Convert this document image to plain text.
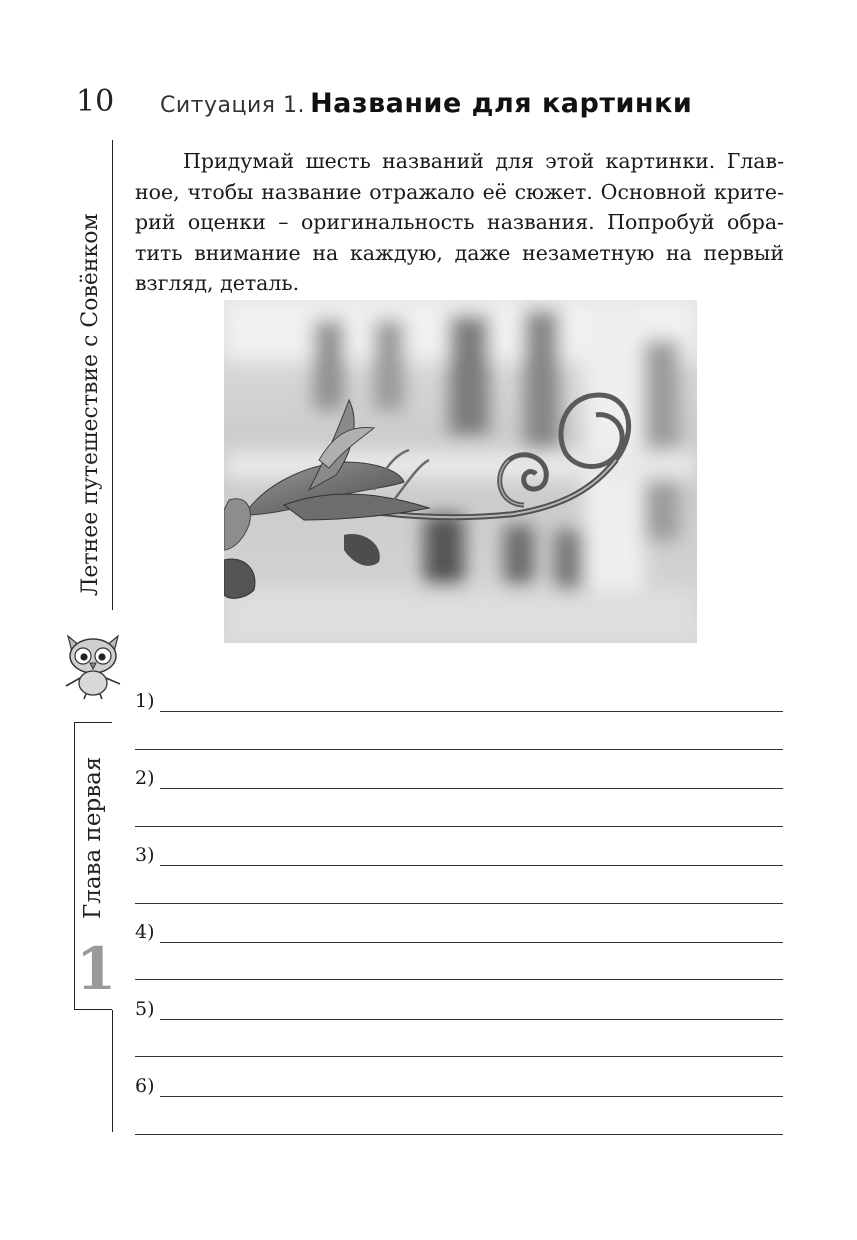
10 Ситуация 1. Название для картинки
Летнее путешествие с Совёнком
Глава первая
1
Придумай шесть названий для этой картинки. Глав-
ное, чтобы название отражало её сюжет. Основной крите-
рий оценки – оригинальность названия. Попробуй обра-
тить внимание на каждую, даже незаметную на первый
взгляд, деталь.
1)
2)
3)
4)
5)
6)
